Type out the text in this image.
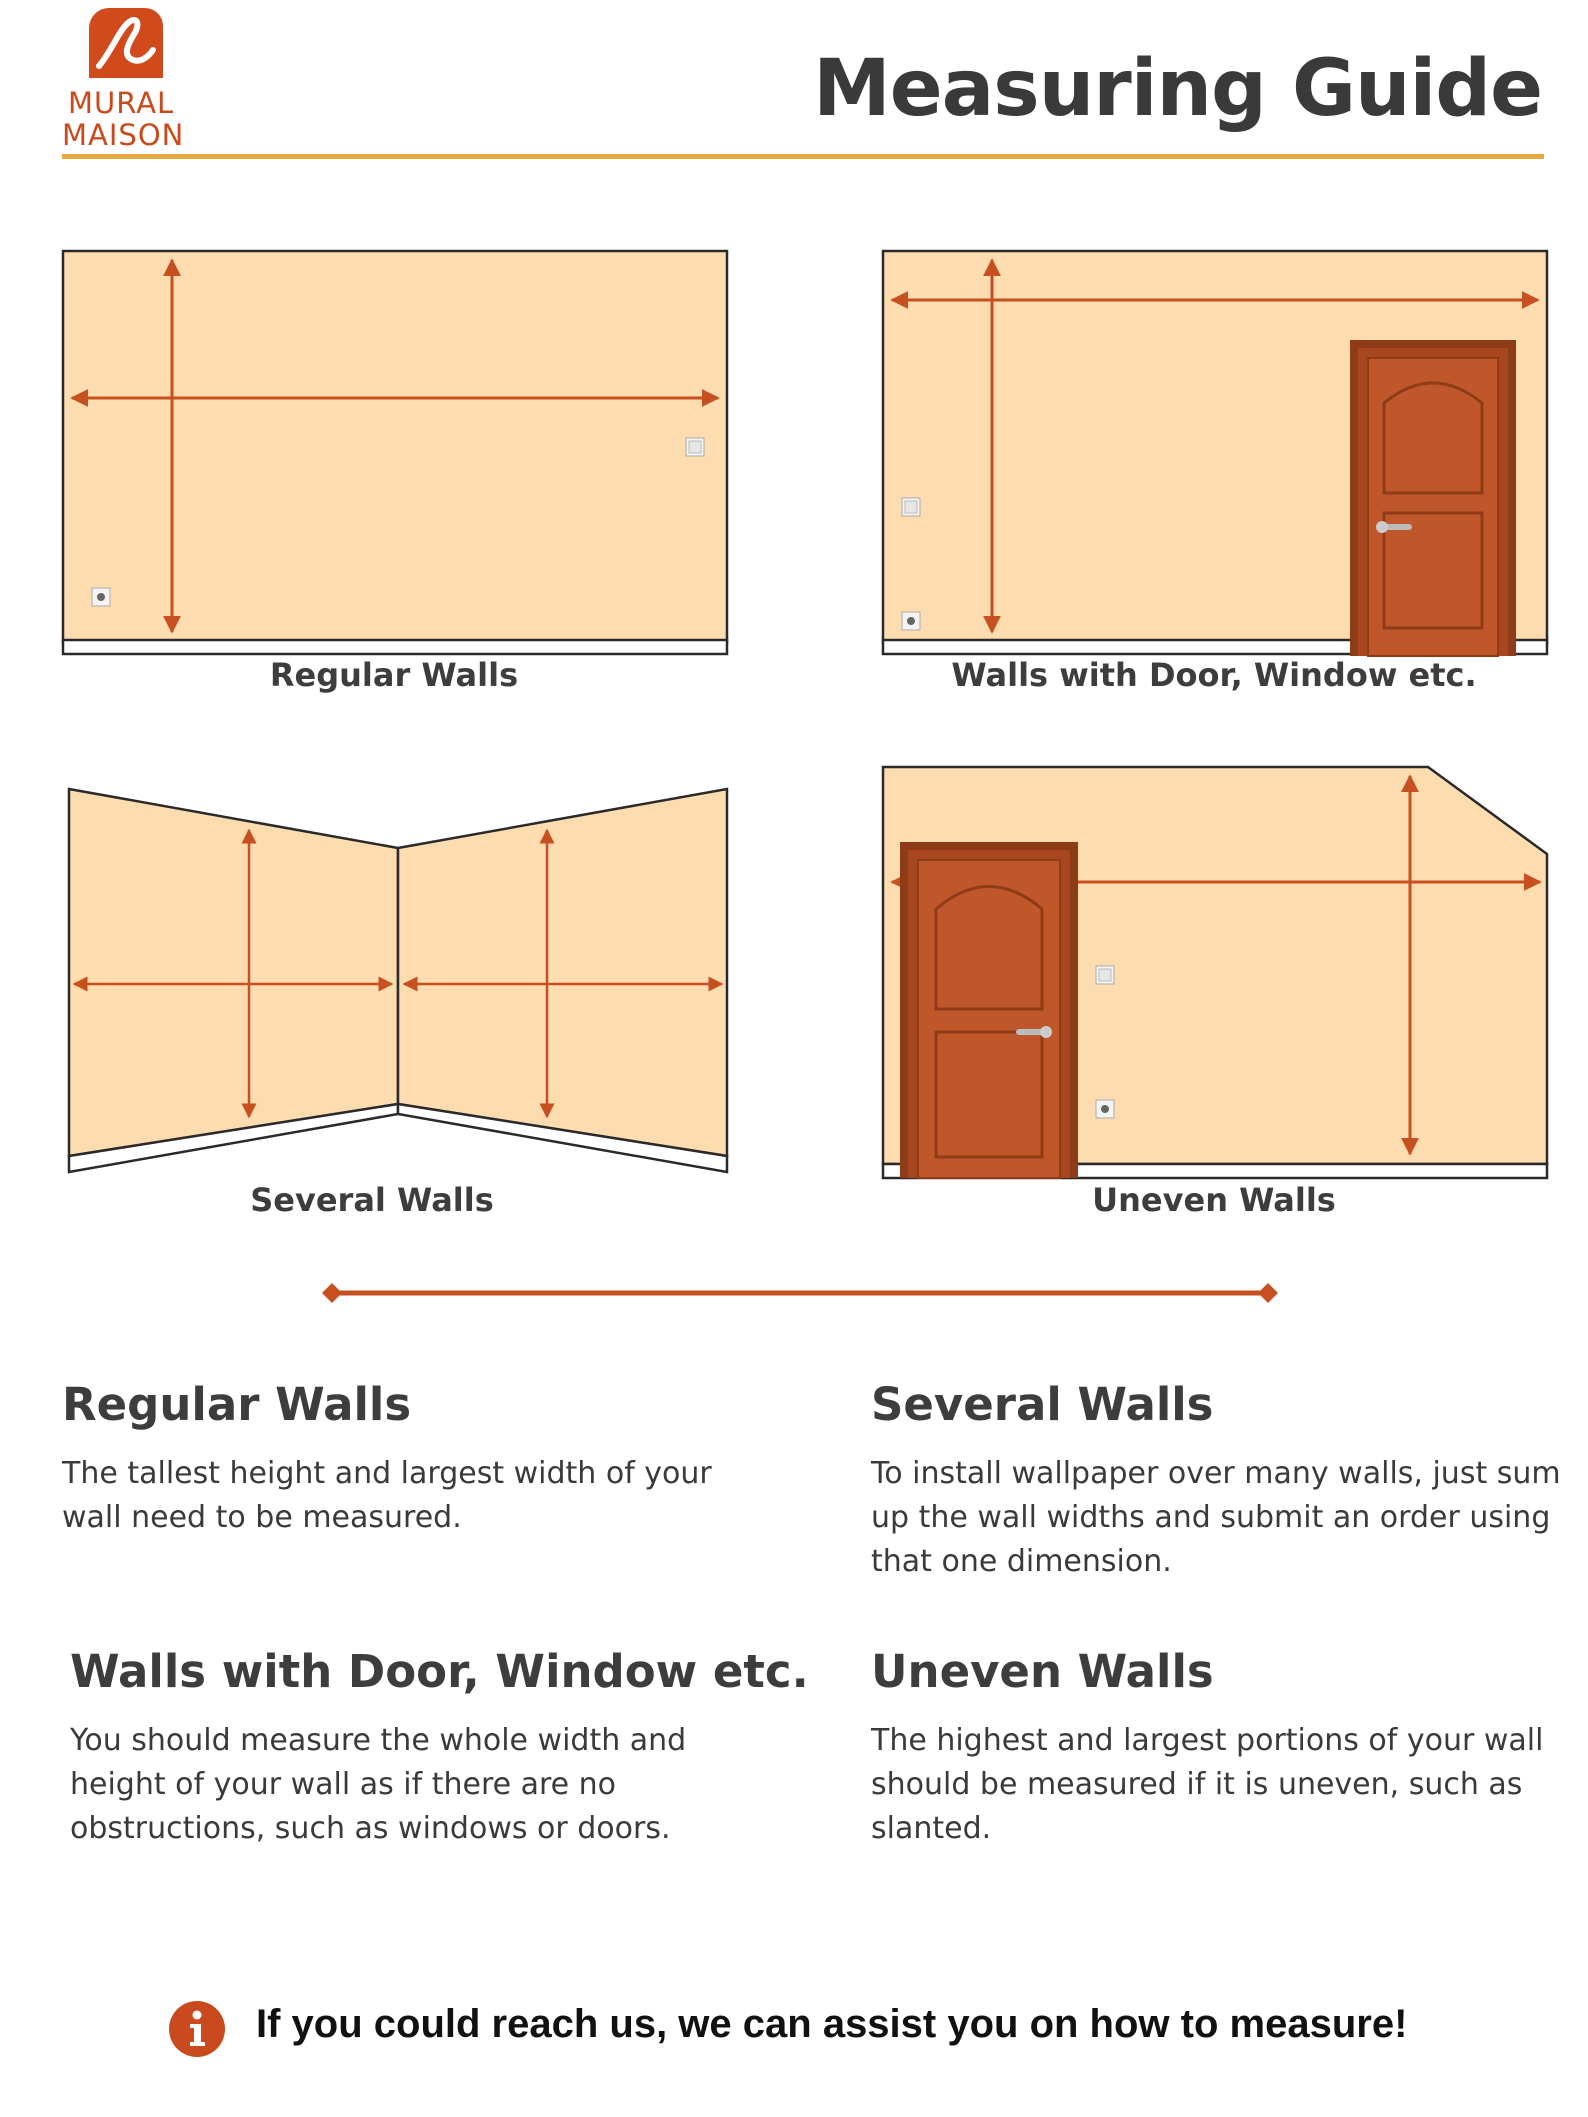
MURAL
MAISON
Measuring Guide
Regular Walls	Walls with Door, Window etc.
Several Walls	Uneven Walls
Regular Walls
The tallest height and largest width of your wall need to be measured.
Several Walls
To install wallpaper over many walls, just sum up the wall widths and submit an order using that one dimension.
Walls with Door, Window etc.
You should measure the whole width and height of your wall as if there are no obstructions, such as windows or doors.
Uneven Walls
The highest and largest portions of your wall should be measured if it is uneven, such as slanted.
If you could reach us, we can assist you on how to measure!
